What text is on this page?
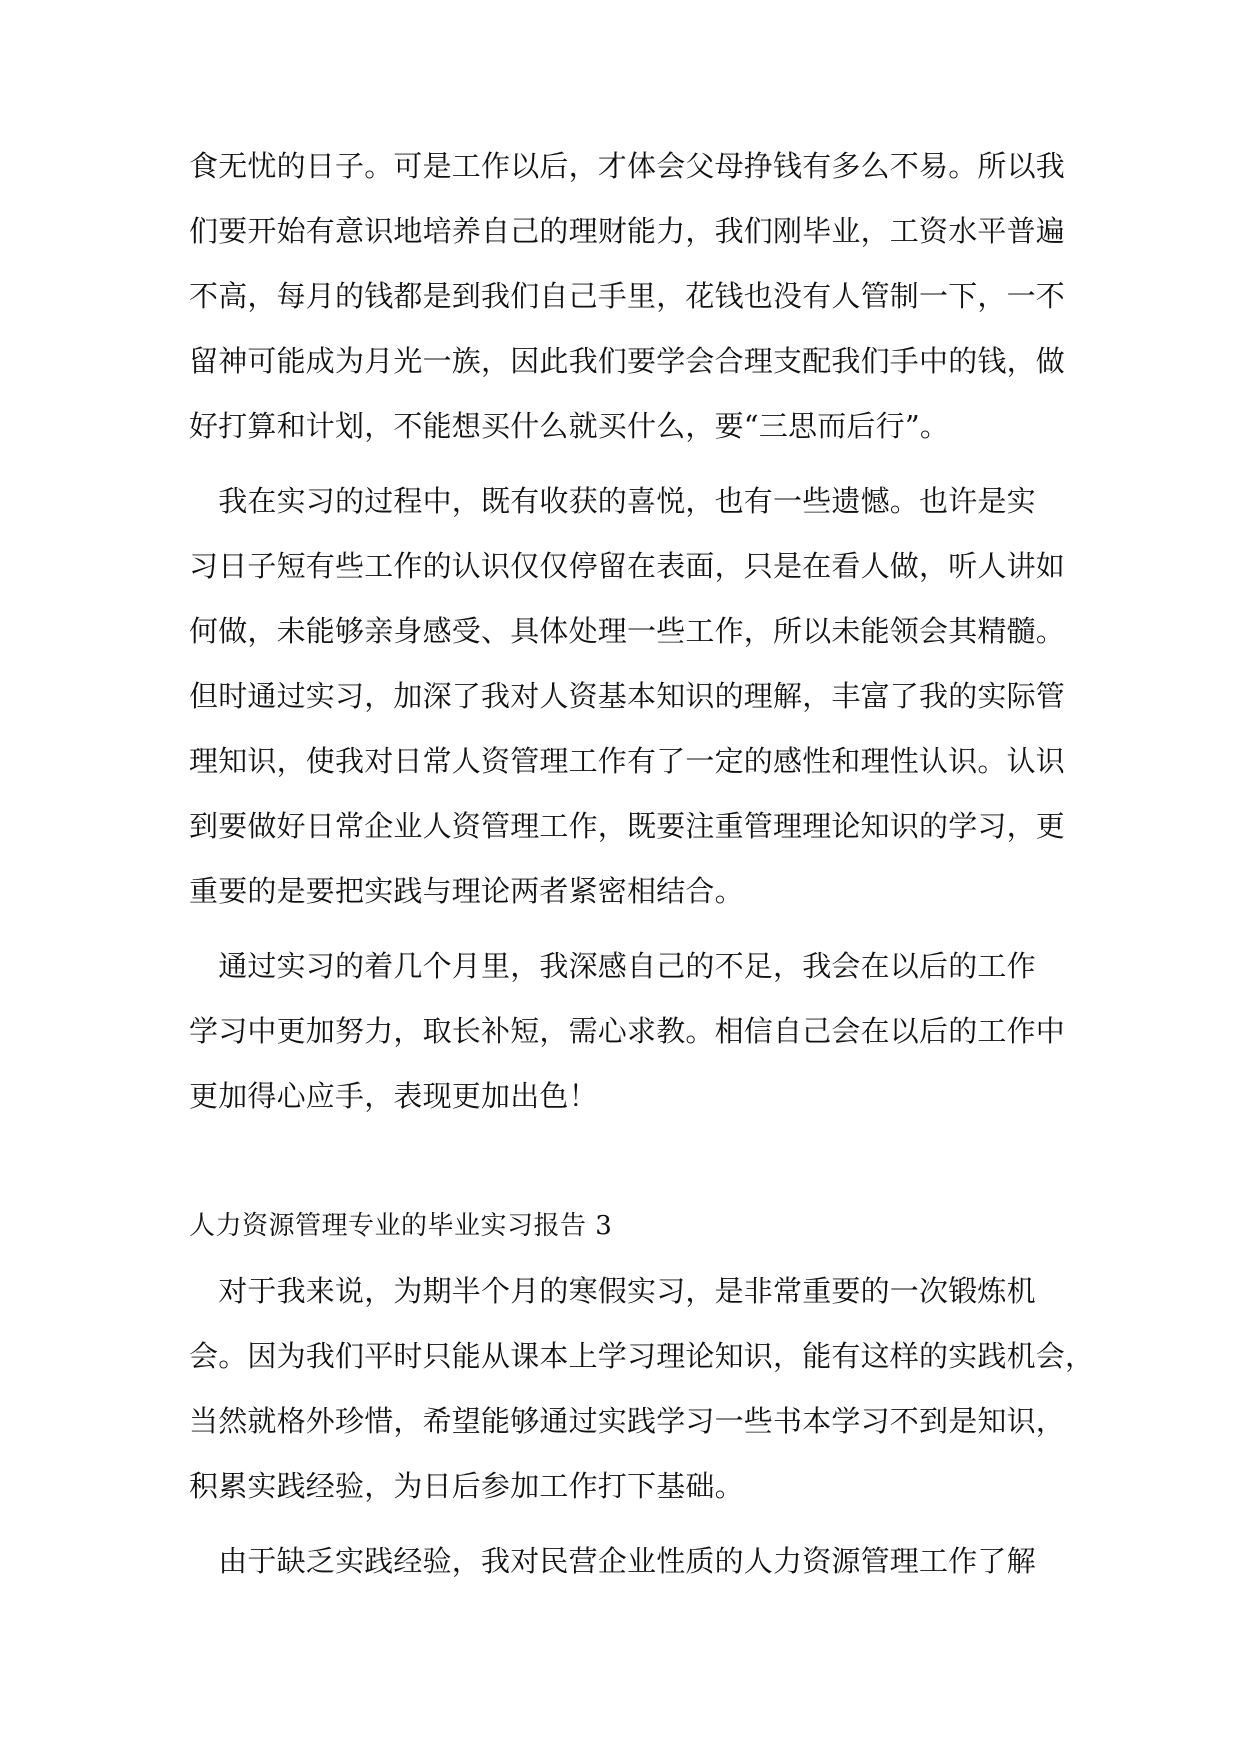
食无忧的日子。可是工作以后，才体会父母挣钱有多么不易。所以我
们要开始有意识地培养自己的理财能力，我们刚毕业，工资水平普遍
不高，每月的钱都是到我们自己手里，花钱也没有人管制一下，一不
留神可能成为月光一族，因此我们要学会合理支配我们手中的钱，做
好打算和计划，不能想买什么就买什么，要“三思而后行”。
　我在实习的过程中，既有收获的喜悦，也有一些遗憾。也许是实
习日子短有些工作的认识仅仅停留在表面，只是在看人做，听人讲如
何做，未能够亲身感受、具体处理一些工作，所以未能领会其精髓。
但时通过实习，加深了我对人资基本知识的理解，丰富了我的实际管
理知识，使我对日常人资管理工作有了一定的感性和理性认识。认识
到要做好日常企业人资管理工作，既要注重管理理论知识的学习，更
重要的是要把实践与理论两者紧密相结合。
　通过实习的着几个月里，我深感自己的不足，我会在以后的工作
学习中更加努力，取长补短，需心求教。相信自己会在以后的工作中
更加得心应手，表现更加出色！
人力资源管理专业的毕业实习报告 3
　对于我来说，为期半个月的寒假实习，是非常重要的一次锻炼机
会。因为我们平时只能从课本上学习理论知识，能有这样的实践机会，
当然就格外珍惜，希望能够通过实践学习一些书本学习不到是知识，
积累实践经验，为日后参加工作打下基础。
　由于缺乏实践经验，我对民营企业性质的人力资源管理工作了解
